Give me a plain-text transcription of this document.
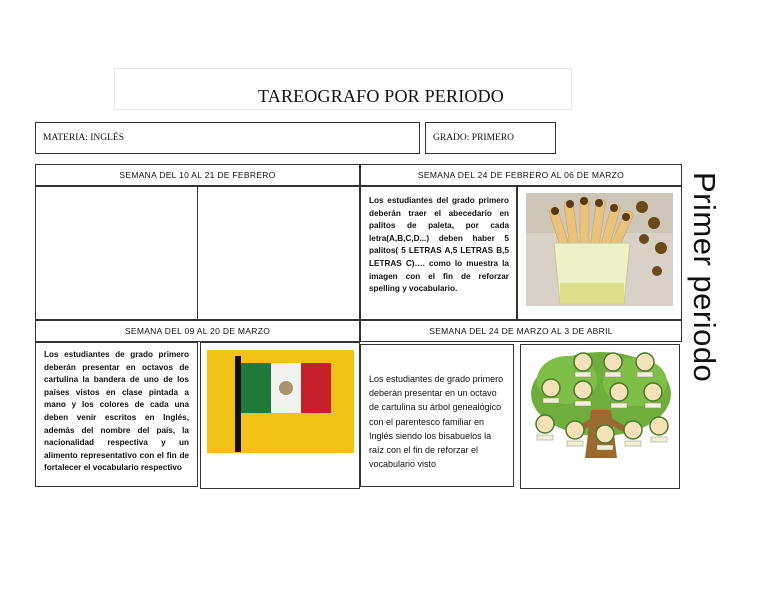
TAREOGRAFO POR PERIODO
MATERIA: INGLÉS	GRADO: PRIMERO
SEMANA DEL 10 AL 21 DE FEBRERO	SEMANA DEL 24 DE FEBRERO AL 06 DE MARZO
Los estudiantes del grado primero deberán traer el abecedario en palitos de paleta, por cada letra(A,B,C,D...) deben haber 5 palitos( 5 LETRAS A,5 LETRAS B,5 LETRAS C)…. como lo muestra la imagen con el fin de reforzar spelling y vocabulario.
SEMANA DEL 09 AL 20 DE MARZO
Los estudiantes de grado primero deberán presentar en octavos de cartulina la bandera de uno de los países vistos en clase pintada a mano y los colores de cada una deben venir escritos en Inglés, además del nombre del país, la nacionalidad respectiva y un alimento representativo con el fin de fortalecer el vocabulario respectivo
SEMANA DEL 24 DE MARZO AL 3 DE ABRIL
Los estudiantes de grado primero deberán presentar en un octavo de cartulina su árbol genealógico con el parentesco familiar en Inglés siendo los bisabuelos la raíz con el fin de reforzar el vocabulario visto
Primer periodo
